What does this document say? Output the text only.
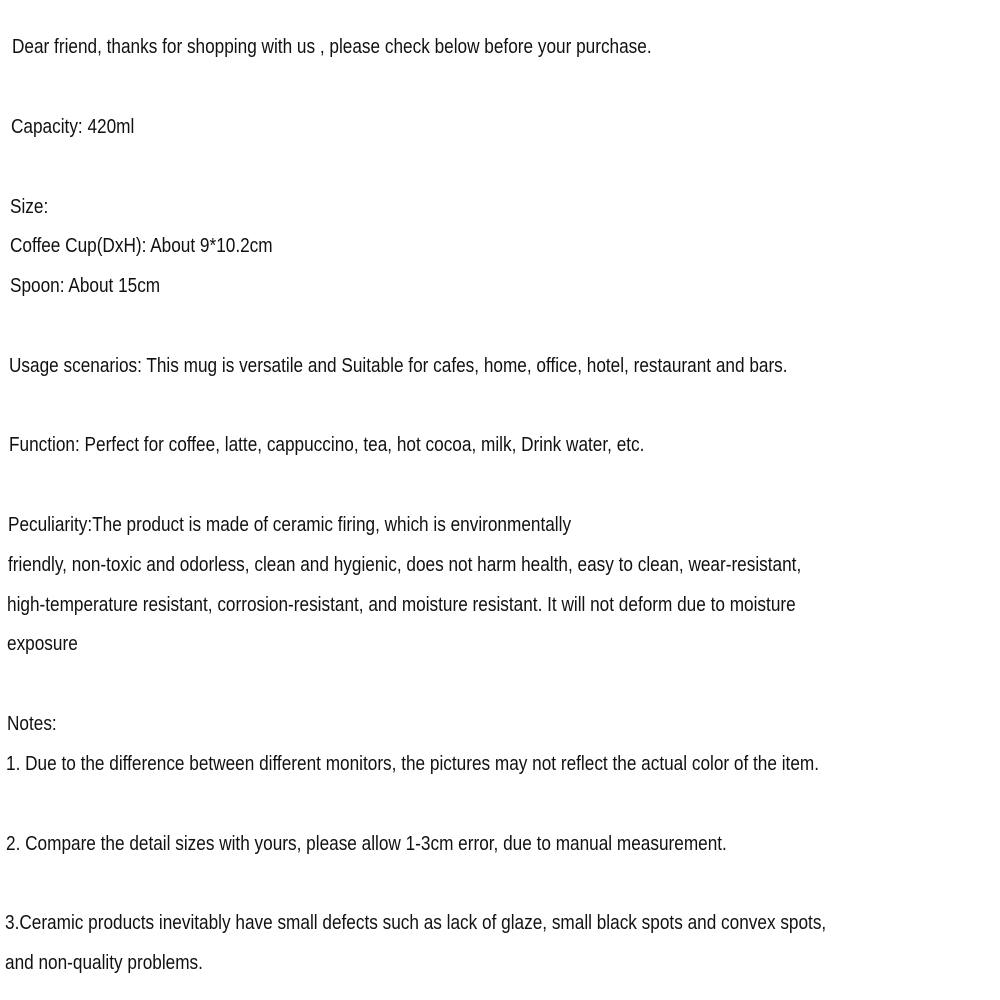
Dear friend, thanks for shopping with us , please check below before your purchase.
Capacity: 420ml
Size:
Coffee Cup(DxH): About 9*10.2cm
Spoon: About 15cm
Usage scenarios: This mug is versatile and Suitable for cafes, home, office, hotel, restaurant and bars.
Function: Perfect for coffee, latte, cappuccino, tea, hot cocoa, milk, Drink water, etc.
Peculiarity:The product is made of ceramic firing, which is environmentally
friendly, non-toxic and odorless, clean and hygienic, does not harm health, easy to clean, wear-resistant,
high-temperature resistant, corrosion-resistant, and moisture resistant. It will not deform due to moisture
exposure
Notes:
1. Due to the difference between different monitors, the pictures may not reflect the actual color of the item.
2. Compare the detail sizes with yours, please allow 1-3cm error, due to manual measurement.
3.Ceramic products inevitably have small defects such as lack of glaze, small black spots and convex spots,
and non-quality problems.
